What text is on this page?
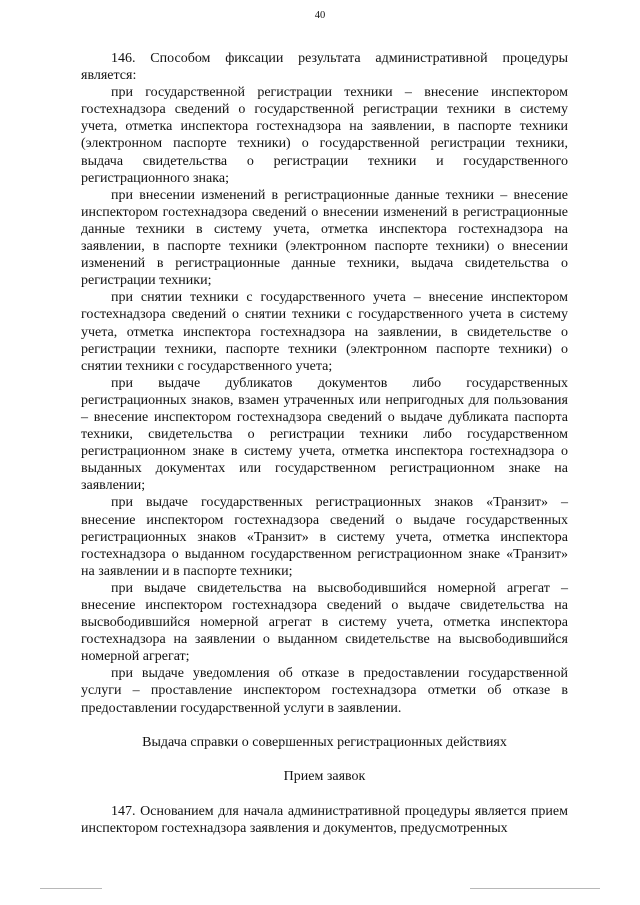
40

146. Способом фиксации результата административной процедуры является:

при государственной регистрации техники – внесение инспектором гостехнадзора сведений о государственной регистрации техники в систему учета, отметка инспектора гостехнадзора на заявлении, в паспорте техники (электронном паспорте техники) о государственной регистрации техники, выдача свидетельства о регистрации техники и государственного регистрационного знака;

при внесении изменений в регистрационные данные техники – внесение инспектором гостехнадзора сведений о внесении изменений в регистрационные данные техники в систему учета, отметка инспектора гостехнадзора на заявлении, в паспорте техники (электронном паспорте техники) о внесении изменений в регистрационные данные техники, выдача свидетельства о регистрации техники;

при снятии техники с государственного учета – внесение инспектором гостехнадзора сведений о снятии техники с государственного учета в систему учета, отметка инспектора гостехнадзора на заявлении, в свидетельстве о регистрации техники, паспорте техники (электронном паспорте техники) о снятии техники с государственного учета;

при выдаче дубликатов документов либо государственных регистрационных знаков, взамен утраченных или непригодных для пользования – внесение инспектором гостехнадзора сведений о выдаче дубликата паспорта техники, свидетельства о регистрации техники либо государственном регистрационном знаке в систему учета, отметка инспектора гостехнадзора о выданных документах или государственном регистрационном знаке на заявлении;

при выдаче государственных регистрационных знаков «Транзит» – внесение инспектором гостехнадзора сведений о выдаче государственных регистрационных знаков «Транзит» в систему учета, отметка инспектора гостехнадзора о выданном государственном регистрационном знаке «Транзит» на заявлении и в паспорте техники;

при выдаче свидетельства на высвободившийся номерной агрегат – внесение инспектором гостехнадзора сведений о выдаче свидетельства на высвободившийся номерной агрегат в систему учета, отметка инспектора гостехнадзора на заявлении о выданном свидетельстве на высвободившийся номерной агрегат;

при выдаче уведомления об отказе в предоставлении государственной услуги – проставление инспектором гостехнадзора отметки об отказе в предоставлении государственной услуги в заявлении.

Выдача справки о совершенных регистрационных действиях

Прием заявок

147. Основанием для начала административной процедуры является прием инспектором гостехнадзора заявления и документов, предусмотренных
